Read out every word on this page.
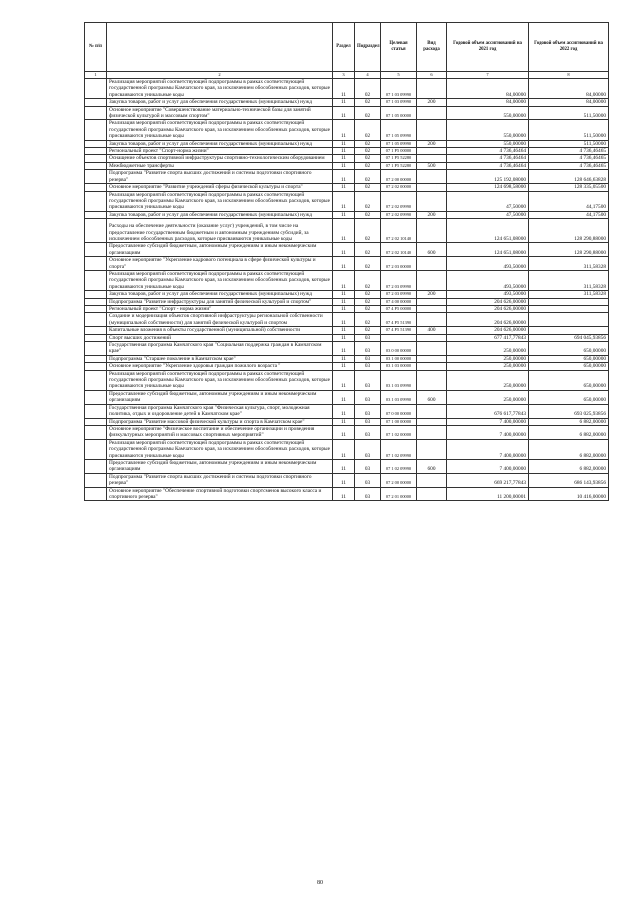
№ п/п		Раздел	Подраздел	Целевая статья	Вид расхода	Годовой объем ассигнований на 2021 год	Годовой объем ассигнований на 2022 год
1	2	3	4	5	6	7	8
	Реализация мероприятий соответствующей подпрограммы в рамках соответствующей государственной программы Камчатского края, за исключением обособленных расходов, которые присваиваются уникальные коды	11	02	07 1 03 09990		84,00000	84,00000
	Закупка товаров, работ и услуг для обеспечения государственных (муниципальных) нужд	11	02	07 1 03 09990	200	84,00000	84,00000
	Основное мероприятие "Совершенствование материально-технической базы для занятий физической культурой и массовым спортом"	11	02	07 1 05 00000		550,00000	511,50000
	Реализация мероприятий соответствующей подпрограммы в рамках соответствующей государственной программы Камчатского края, за исключением обособленных расходов, которые присваиваются уникальные коды	11	02	07 1 05 09990		550,00000	511,50000
	Закупка товаров, работ и услуг для обеспечения государственных (муниципальных) нужд	11	02	07 1 05 09990	200	550,00000	511,50000
	Региональный проект "Спорт-норма жизни"	11	02	07 1 P5 00000		4 736,46464	4 736,46465
	Оснащение объектов спортивной инфраструктуры спортивно-технологическим оборудованием	11	02	07 1 P5 52280		4 736,46464	4 736,46465
	Межбюджетные трансферты	11	02	07 1 P5 52280	500	4 736,46464	4 736,46465
	Подпрограмма "Развитие спорта высших достижений и системы подготовки спортивного резерва"	11	02	07 2 00 00000		125 192,08000	128 646,63828
	Основное мероприятие "Развитие учреждений сферы физической культуры и спорта"	11	02	07 2 02 00000		124 698,58000	128 335,05500
	Реализация мероприятий соответствующей подпрограммы в рамках соответствующей государственной программы Камчатского края, за исключением обособленных расходов, которые присваиваются уникальные коды	11	02	07 2 02 09990		47,50000	44,17500
	Закупка товаров, работ и услуг для обеспечения государственных (муниципальных) нужд	11	02	07 2 02 09990	200	47,50000	44,17500
	Расходы на обеспечение деятельности (оказание услуг) учреждений, в том числе на предоставление государственным бюджетным и автономным учреждениям субсидий, за исключением обособленных расходов, которые присваиваются уникальные коды	11	02	07 2 02 10140		124 651,08000	128 290,88000
	Предоставление субсидий бюджетным, автономным учреждениям и иным некоммерческим организациям	11	02	07 2 02 10140	600	124 651,08000	128 290,88000
	Основное мероприятие "Укрепление кадрового потенциала в сфере физической культуры и спорта"	11	02	07 2 03 00000		493,50000	311,58328
	Реализация мероприятий соответствующей подпрограммы в рамках соответствующей государственной программы Камчатского края, за исключением обособленных расходов, которые присваиваются уникальные коды	11	02	07 2 03 09990		493,50000	311,58328
	Закупка товаров, работ и услуг для обеспечения государственных (муниципальных) нужд	11	02	07 2 03 09990	200	493,50000	311,58328
	Подпрограмма "Развитие инфраструктуры для занятий физической культурой и спортом"	11	02	07 4 00 00000		204 626,00000	
	Региональный проект "Спорт - норма жизни"	11	02	07 4 P5 00000		204 626,00000	
	Создание и модернизация объектов спортивной инфраструктуры региональной собственности (муниципальной собственности) для занятий физической культурой и спортом	11	02	07 4 P5 51390		204 626,00000	
	Капитальные вложения в объекты государственной (муниципальной) собственности	11	02	07 4 P5 51390	400	204 626,00000	
	Спорт высших достижений	11	03			677 417,77843	694 045,93856
	Государственная программа Камчатского края "Социальная поддержка граждан в Камчатском крае"	11	03	03 0 00 00000		250,00000	650,00000
	Подпрограмма "Старшее поколение в Камчатском крае"	11	03	03 1 00 00000		250,00000	650,00000
	Основное мероприятие "Укрепление здоровья граждан пожилого возраста "	11	03	03 1 03 00000		250,00000	650,00000
	Реализация мероприятий соответствующей подпрограммы в рамках соответствующей государственной программы Камчатского края, за исключением обособленных расходов, которые присваиваются уникальные коды	11	03	03 1 03 09990		250,00000	650,00000
	Предоставление субсидий бюджетным, автономным учреждениям и иным некоммерческим организациям	11	03	03 1 03 09990	600	250,00000	650,00000
	Государственная программа Камчатского края "Физическая культура, спорт, молодежная политика, отдых и оздоровление детей в Камчатском крае"	11	03	07 0 00 00000		676 617,77843	693 025,93856
	Подпрограмма "Развитие массовой физической культуры и спорта в Камчатском крае"	11	03	07 1 00 00000		7 400,00000	6 882,00000
	Основное мероприятие "Физическое воспитание и обеспечение организации и проведения физкультурных мероприятий и массовых спортивных мероприятий"	11	03	07 1 02 00000		7 400,00000	6 882,00000
	Реализация мероприятий соответствующей подпрограммы в рамках соответствующей государственной программы Камчатского края, за исключением обособленных расходов, которые присваиваются уникальные коды	11	03	07 1 02 09990		7 400,00000	6 882,00000
	Предоставление субсидий бюджетным, автономным учреждениям и иным некоммерческим организациям	11	03	07 1 02 09990	600	7 400,00000	6 882,00000
	Подпрограмма "Развитие спорта высших достижений и системы подготовки спортивного резерва"	11	03	07 2 00 00000		669 217,77843	686 143,93856
	Основное мероприятие "Обеспечение спортивной подготовки спортсменов высокого класса и спортивного резерва"	11	03	07 2 01 00000		11 200,00001	10 416,00000
80
